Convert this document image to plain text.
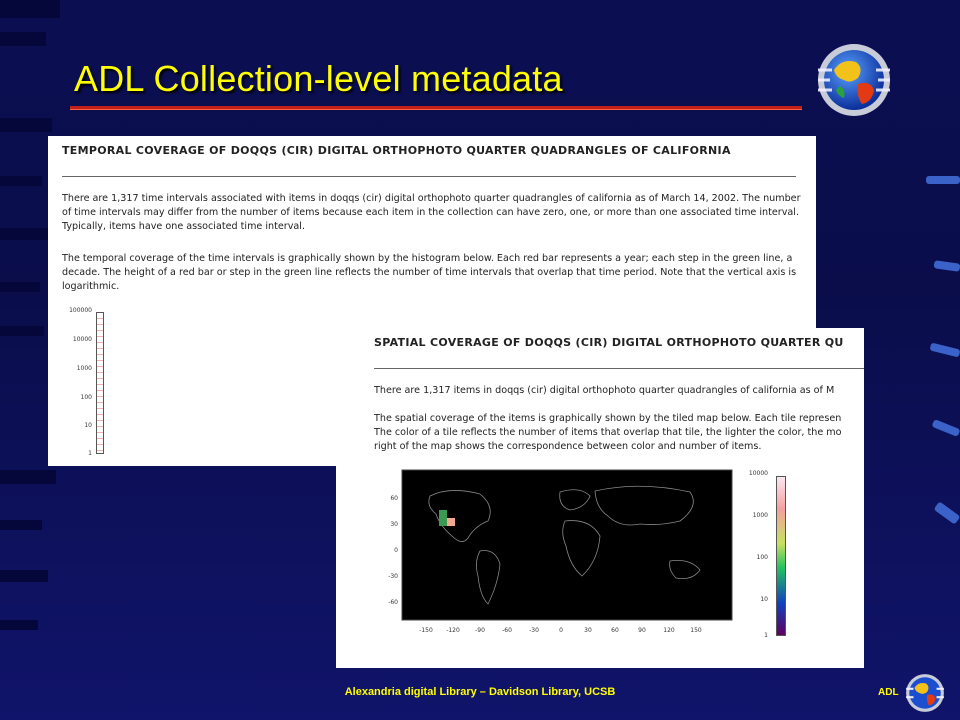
ADL Collection-level metadata
TEMPORAL COVERAGE OF DOQQS (CIR) DIGITAL ORTHOPHOTO QUARTER QUADRANGLES OF CALIFORNIA
There are 1,317 time intervals associated with items in doqqs (cir) digital orthophoto quarter quadrangles of california as of March 14, 2002. The number of time intervals may differ from the number of items because each item in the collection can have zero, one, or more than one associated time interval. Typically, items have one associated time interval.
The temporal coverage of the time intervals is graphically shown by the histogram below. Each red bar represents a year; each step in the green line, a decade. The height of a red bar or step in the green line reflects the number of time intervals that overlap that time period. Note that the vertical axis is logarithmic.
100000
10000
1000
100
10
1
SPATIAL COVERAGE OF DOQQS (CIR) DIGITAL ORTHOPHOTO QUARTER QU
There are 1,317 items in doqqs (cir) digital orthophoto quarter quadrangles of california as of M
The spatial coverage of the items is graphically shown by the tiled map below. Each tile represen The color of a tile reflects the number of items that overlap that tile, the lighter the color, the mo right of the map shows the correspondence between color and number of items.
60
30
0
-30
-60
-150 -120	-90	-60	-30	0	30	60	90	120	150
10000
1000
100
10
1
Alexandria digital Library – Davidson Library, UCSB	ADL
